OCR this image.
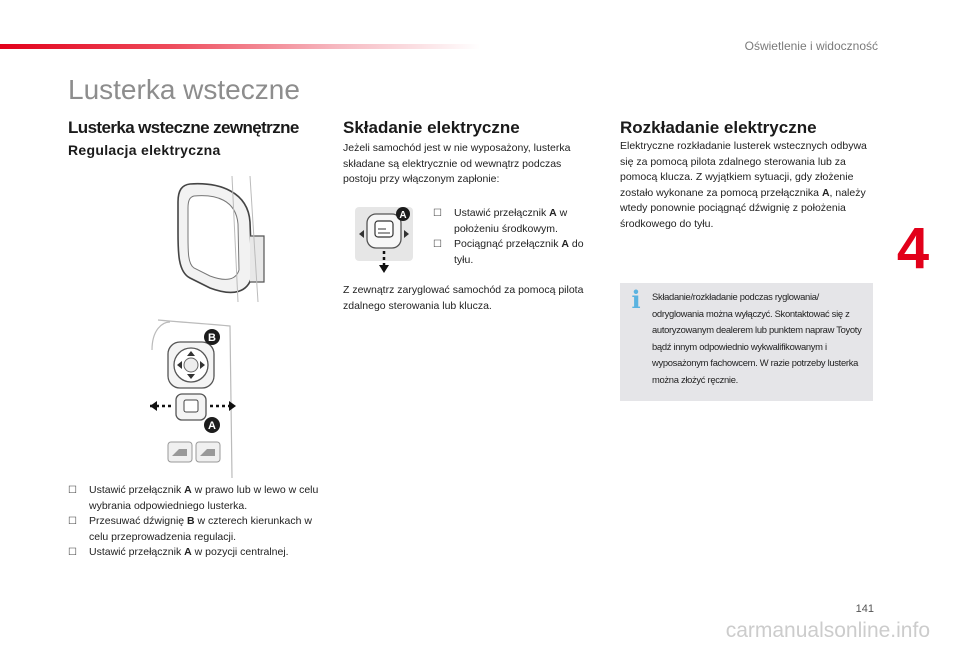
Oświetlenie i widoczność
4
Lusterka wsteczne
Lusterka wsteczne zewnętrzne
Regulacja elektryczna
B
A
☐ Ustawić przełącznik A w prawo lub w lewo w celu wybrania odpowiedniego lusterka.
☐ Przesuwać dźwignię B w czterech kierunkach w celu przeprowadzenia regulacji.
☐ Ustawić przełącznik A w pozycji centralnej.
Składanie elektryczne

Jeżeli samochód jest w nie wyposażony, lusterka składane są elektrycznie od wewnątrz podczas postoju przy włączonym zapłonie:

A	☐ Ustawić przełącznik A w położeniu środkowym.
☐ Pociągnąć przełącznik A do tyłu.

Z zewnątrz zaryglować samochód za pomocą pilota zdalnego sterowania lub klucza.

Rozkładanie elektryczne

Elektryczne rozkładanie lusterek wstecznych odbywa się za pomocą pilota zdalnego sterowania lub za pomocą klucza. Z wyjątkiem sytuacji, gdy złożenie zostało wykonane za pomocą przełącznika A, należy wtedy ponownie pociągnąć dźwignię z położenia środkowego do tyłu.

i Składanie/rozkładanie podczas ryglowania/ odryglowania można wyłączyć. Skontaktować się z autoryzowanym dealerem lub punktem napraw Toyoty bądź innym odpowiednio wykwalifikowanym i wyposażonym fachowcem. W razie potrzeby lusterka można złożyć ręcznie.
141
carmanualsonline.info
